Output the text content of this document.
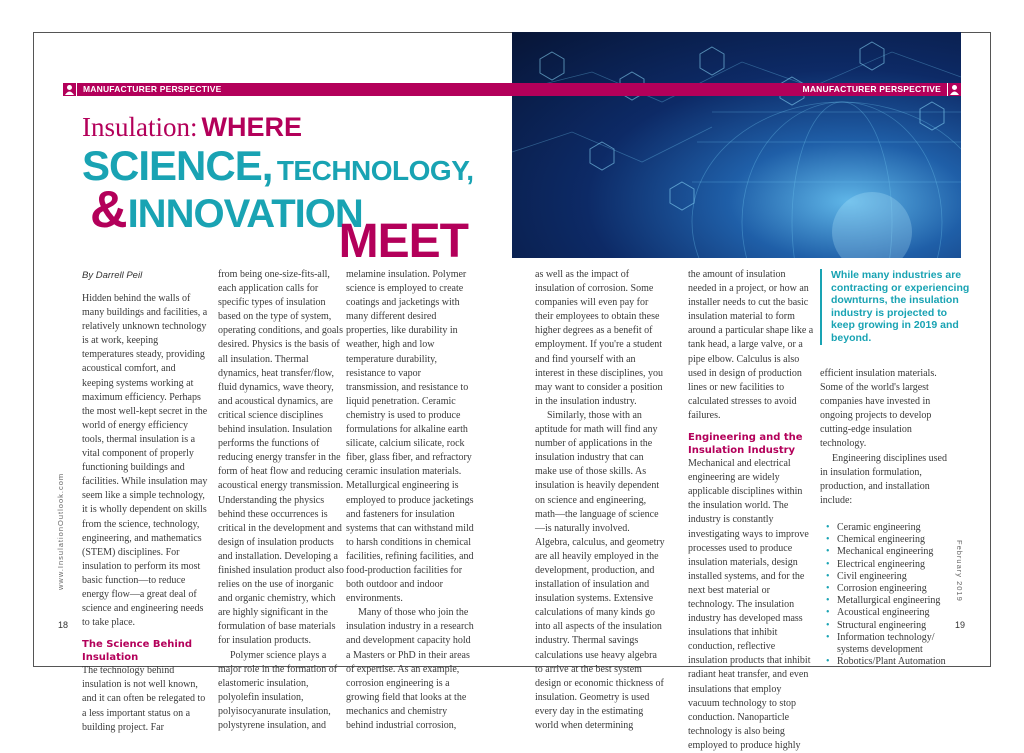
MANUFACTURER PERSPECTIVE	MANUFACTURER PERSPECTIVE
Insulation: WHERE
SCIENCE, TECHNOLOGY,
&INNOVATION
MEET
By Darrell Peil

Hidden behind the walls of many buildings and facilities, a relatively unknown technology is at work, keeping temperatures steady, providing acoustical comfort, and keeping systems working at maximum efficiency. Perhaps the most well-kept secret in the world of energy efficiency tools, thermal insulation is a vital component of properly functioning buildings and facilities. While insulation may seem like a simple technology, it is wholly dependent on skills from the science, technology, engineering, and mathematics (STEM) disciplines. For insulation to perform its most basic function—to reduce energy flow—a great deal of science and engineering needs to take place.

The Science Behind Insulation

The technology behind insulation is not well known, and it can often be relegated to a less important status on a building project. Far

from being one-size-fits-all, each application calls for specific types of insulation based on the type of system, operating conditions, and goals desired. Physics is the basis of all insulation. Thermal dynamics, heat transfer/flow, fluid dynamics, wave theory, and acoustical dynamics, are critical science disciplines behind insulation. Insulation performs the functions of reducing energy transfer in the form of heat flow and reducing acoustical energy transmission. Understanding the physics behind these occurrences is critical in the development and design of insulation products and installation. Developing a finished insulation product also relies on the use of inorganic and organic chemistry, which are highly significant in the formulation of base materials for insulation products.

Polymer science plays a major role in the formation of elastomeric insulation, polyolefin insulation, polyisocyanurate insulation, polystyrene insulation, and

melamine insulation. Polymer science is employed to create coatings and jacketings with many different desired properties, like durability in weather, high and low temperature durability, resistance to vapor transmission, and resistance to liquid penetration. Ceramic chemistry is used to produce formulations for alkaline earth silicate, calcium silicate, rock fiber, glass fiber, and refractory ceramic insulation materials. Metallurgical engineering is employed to produce jacketings and fasteners for insulation systems that can withstand mild to harsh conditions in chemical facilities, refining facilities, and food-production facilities for both outdoor and indoor environments.

Many of those who join the insulation industry in a research and development capacity hold a Masters or PhD in their areas of expertise. As an example, corrosion engineering is a growing field that looks at the mechanics and chemistry behind industrial corrosion,

as well as the impact of insulation of corrosion. Some companies will even pay for their employees to obtain these higher degrees as a benefit of employment. If you're a student and find yourself with an interest in these disciplines, you may want to consider a position in the insulation industry.

Similarly, those with an aptitude for math will find any number of applications in the insulation industry that can make use of those skills. As insulation is heavily dependent on science and engineering, math—the language of science—is naturally involved. Algebra, calculus, and geometry are all heavily employed in the development, production, and installation of insulation and insulation systems. Extensive calculations of many kinds go into all aspects of the insulation industry. Thermal savings calculations use heavy algebra to arrive at the best system design or economic thickness of insulation. Geometry is used every day in the estimating world when determining

the amount of insulation needed in a project, or how an installer needs to cut the basic insulation material to form around a particular shape like a tank head, a large valve, or a pipe elbow. Calculus is also used in design of production lines or new facilities to calculated stresses to avoid failures.

Engineering and the Insulation Industry

Mechanical and electrical engineering are widely applicable disciplines within the insulation world. The industry is constantly investigating ways to improve processes used to produce insulation materials, design installed systems, and for the next best material or technology. The insulation industry has developed mass insulations that inhibit conduction, reflective insulation products that inhibit radiant heat transfer, and even insulations that employ vacuum technology to stop conduction. Nanoparticle technology is also being employed to produce highly

While many industries are contracting or experiencing downturns, the insulation industry is projected to keep growing in 2019 and beyond.

efficient insulation materials. Some of the world's largest companies have invested in ongoing projects to develop cutting-edge insulation technology.

Engineering disciplines used in insulation formulation, production, and installation include:

• Ceramic engineering
• Chemical engineering
• Mechanical engineering
• Electrical engineering
• Civil engineering
• Corrosion engineering
• Metallurgical engineering
• Acoustical engineering
• Structural engineering
• Information technology/ systems development
• Robotics/Plant Automation
www.InsulationOutlook.com	February 2019
18	19
